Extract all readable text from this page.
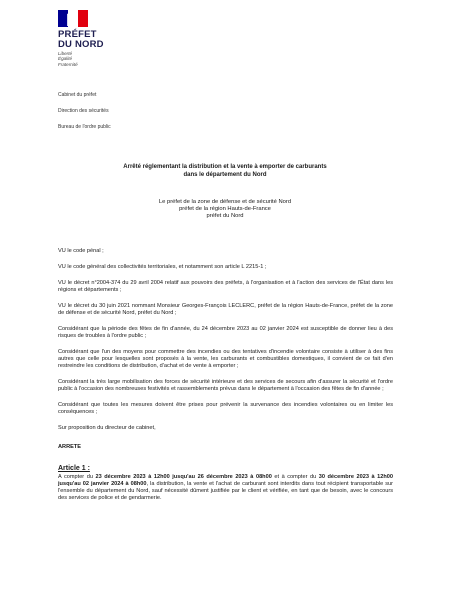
PRÉFET
DU NORD
Liberté
Égalité
Fraternité
Cabinet du préfet
Direction des sécurités
Bureau de l'ordre public
Arrêté réglementant la distribution et la vente à emporter de carburants
dans le département du Nord
Le préfet de la zone de défense et de sécurité Nord
préfet de la région Hauts-de-France
préfet du Nord

VU le code pénal ;

VU le code général des collectivités territoriales, et notamment son article L 2215-1 ;

VU le décret n°2004-374 du 29 avril 2004 relatif aux pouvoirs des préfets, à l'organisation et à l'action des services de l'État dans les régions et départements ;

VU le décret du 30 juin 2021 nommant Monsieur Georges-François LECLERC, préfet de la région Hauts-de-France, préfet de la zone de défense et de sécurité Nord, préfet du Nord ;

Considérant que la période des fêtes de fin d'année, du 24 décembre 2023 au 02 janvier 2024 est susceptible de donner lieu à des risques de troubles à l'ordre public ;

Considérant que l'un des moyens pour commettre des incendies ou des tentatives d'incendie volontaire consiste à utiliser à des fins autres que celle pour lesquelles sont proposés à la vente, les carburants et combustibles domestiques, il convient de ce fait d'en restreindre les conditions de distribution, d'achat et de vente à emporter ;

Considérant la très large mobilisation des forces de sécurité intérieure et des services de secours afin d'assurer la sécurité et l'ordre public à l'occasion des nombreuses festivités et rassemblements prévus dans le département à l'occasion des fêtes de fin d'année ;

Considérant que toutes les mesures doivent être prises pour prévenir la survenance des incendies volontaires ou en limiter les conséquences ;

Sur proposition du directeur de cabinet,

ARRETE

Article 1 :

A compter du 23 décembre 2023 à 12h00 jusqu'au 26 décembre 2023 à 08h00 et à compter du 30 décembre 2023 à 12h00 jusqu'au 02 janvier 2024 à 08h00, la distribution, la vente et l'achat de carburant sont interdits dans tout récipient transportable sur l'ensemble du département du Nord, sauf nécessité dûment justifiée par le client et vérifiée, en tant que de besoin, avec le concours des services de police et de gendarmerie.
